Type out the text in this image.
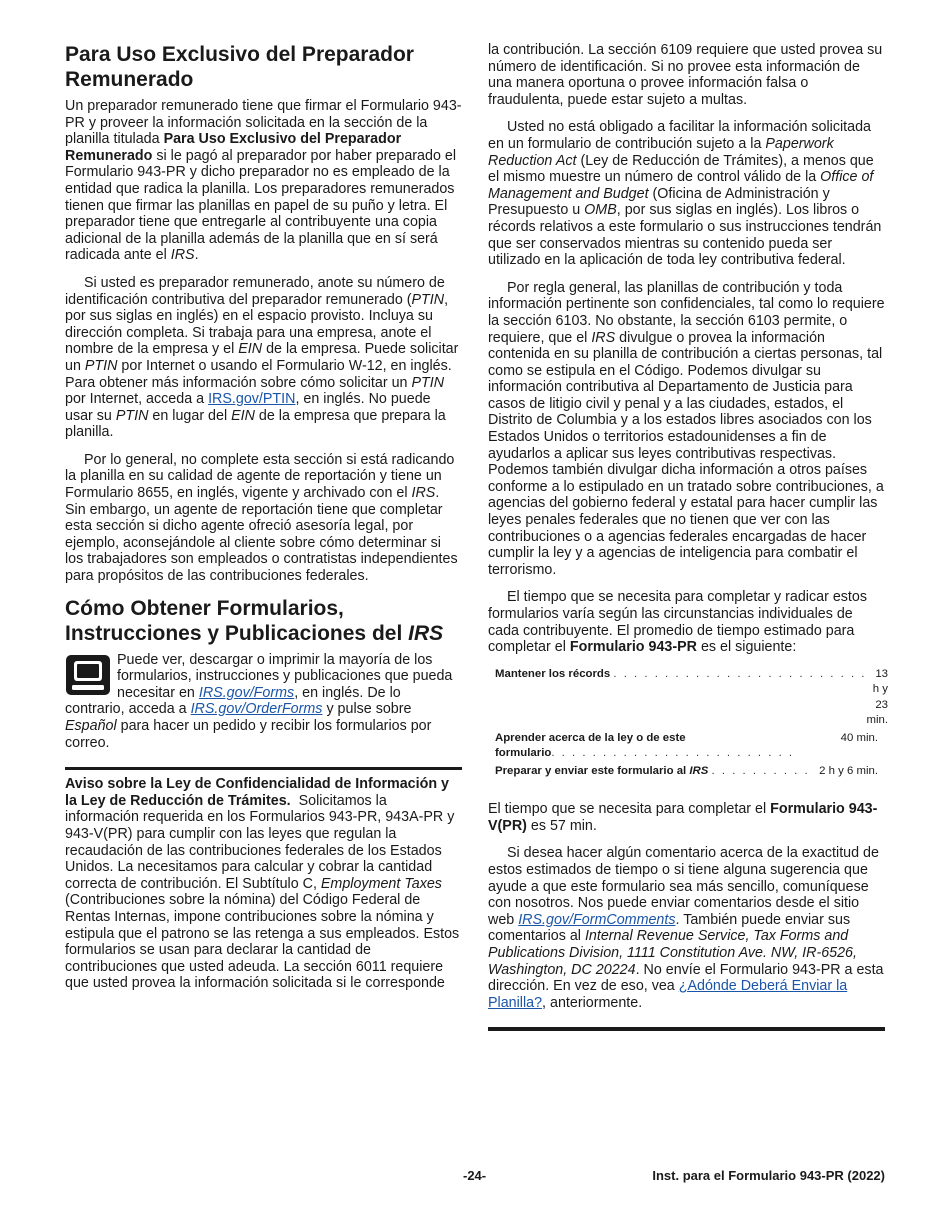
Para Uso Exclusivo del Preparador Remunerado

Un preparador remunerado tiene que firmar el Formulario 943-PR y proveer la información solicitada en la sección de la planilla titulada Para Uso Exclusivo del Preparador Remunerado si le pagó al preparador por haber preparado el Formulario 943-PR y dicho preparador no es empleado de la entidad que radica la planilla. Los preparadores remunerados tienen que firmar las planillas en papel de su puño y letra. El preparador tiene que entregarle al contribuyente una copia adicional de la planilla además de la planilla que en sí será radicada ante el IRS.

Si usted es preparador remunerado, anote su número de identificación contributiva del preparador remunerado (PTIN, por sus siglas en inglés) en el espacio provisto. Incluya su dirección completa. Si trabaja para una empresa, anote el nombre de la empresa y el EIN de la empresa. Puede solicitar un PTIN por Internet o usando el Formulario W-12, en inglés. Para obtener más información sobre cómo solicitar un PTIN por Internet, acceda a IRS.gov/PTIN, en inglés. No puede usar su PTIN en lugar del EIN de la empresa que prepara la planilla.

Por lo general, no complete esta sección si está radicando la planilla en su calidad de agente de reportación y tiene un Formulario 8655, en inglés, vigente y archivado con el IRS. Sin embargo, un agente de reportación tiene que completar esta sección si dicho agente ofreció asesoría legal, por ejemplo, aconsejándole al cliente sobre cómo determinar si los trabajadores son empleados o contratistas independientes para propósitos de las contribuciones federales.

Cómo Obtener Formularios, Instrucciones y Publicaciones del IRS

Puede ver, descargar o imprimir la mayoría de los formularios, instrucciones y publicaciones que pueda necesitar en IRS.gov/Forms, en inglés. De lo contrario, acceda a IRS.gov/OrderForms y pulse sobre Español para hacer un pedido y recibir los formularios por correo.

Aviso sobre la Ley de Confidencialidad de Información y la Ley de Reducción de Trámites.  Solicitamos la información requerida en los Formularios 943-PR, 943A-PR y 943-V(PR) para cumplir con las leyes que regulan la recaudación de las contribuciones federales de los Estados Unidos. La necesitamos para calcular y cobrar la cantidad correcta de contribución. El Subtítulo C, Employment Taxes (Contribuciones sobre la nómina) del Código Federal de Rentas Internas, impone contribuciones sobre la nómina y estipula que el patrono se las retenga a sus empleados. Estos formularios se usan para declarar la cantidad de contribuciones que usted adeuda. La sección 6011 requiere que usted provea la información solicitada si le corresponde

la contribución. La sección 6109 requiere que usted provea su número de identificación. Si no provee esta información de una manera oportuna o provee información falsa o fraudulenta, puede estar sujeto a multas.

Usted no está obligado a facilitar la información solicitada en un formulario de contribución sujeto a la Paperwork Reduction Act (Ley de Reducción de Trámites), a menos que el mismo muestre un número de control válido de la Office of Management and Budget (Oficina de Administración y Presupuesto u OMB, por sus siglas en inglés). Los libros o récords relativos a este formulario o sus instrucciones tendrán que ser conservados mientras su contenido pueda ser utilizado en la aplicación de toda ley contributiva federal.

Por regla general, las planillas de contribución y toda información pertinente son confidenciales, tal como lo requiere la sección 6103. No obstante, la sección 6103 permite, o requiere, que el IRS divulgue o provea la información contenida en su planilla de contribución a ciertas personas, tal como se estipula en el Código. Podemos divulgar su información contributiva al Departamento de Justicia para casos de litigio civil y penal y a las ciudades, estados, el Distrito de Columbia y a los estados libres asociados con los Estados Unidos o territorios estadounidenses a fin de ayudarlos a aplicar sus leyes contributivas respectivas. Podemos también divulgar dicha información a otros países conforme a lo estipulado en un tratado sobre contribuciones, a agencias del gobierno federal y estatal para hacer cumplir las leyes penales federales que no tienen que ver con las contribuciones o a agencias federales encargadas de hacer cumplir la ley y a agencias de inteligencia para combatir el terrorismo.

El tiempo que se necesita para completar y radicar estos formularios varía según las circunstancias individuales de cada contribuyente. El promedio de tiempo estimado para completar el Formulario 943-PR es el siguiente:

Mantener los récords . . . . . . . . . . . . . . . . . . . . . . . . . 13 h y 23 min.
Aprender acerca de la ley o de este
formulario. . . . . . . . . . . . . . . . . . . . . . . .
40 min.
Preparar y enviar este formulario al IRS . . . . . . . . . . 2 h y 6 min.

El tiempo que se necesita para completar el Formulario 943-V(PR) es 57 min.

Si desea hacer algún comentario acerca de la exactitud de estos estimados de tiempo o si tiene alguna sugerencia que ayude a que este formulario sea más sencillo, comuníquese con nosotros. Nos puede enviar comentarios desde el sitio web IRS.gov/FormComments. También puede enviar sus comentarios al Internal Revenue Service, Tax Forms and Publications Division, 1111 Constitution Ave. NW, IR-6526, Washington, DC 20224. No envíe el Formulario 943-PR a esta dirección. En vez de eso, vea ¿Adónde Deberá Enviar la Planilla?, anteriormente.

-24-	Inst. para el Formulario 943-PR (2022)
